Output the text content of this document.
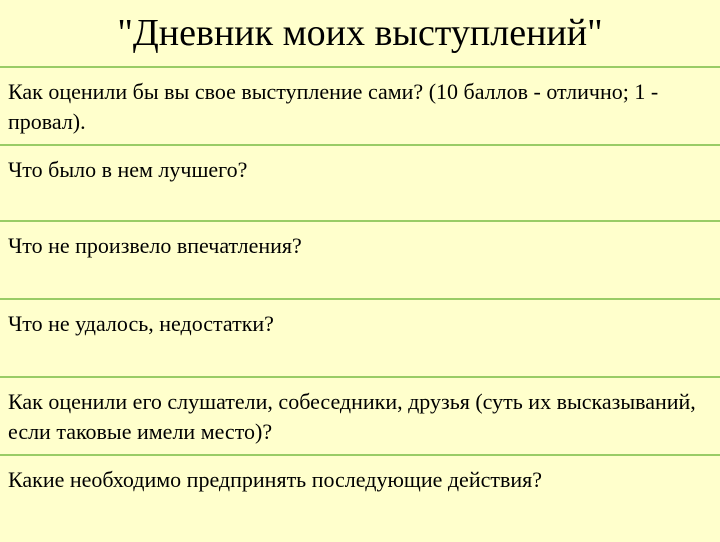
"Дневник моих выступлений"
Как оценили бы вы свое выступление сами? (10 баллов - отлично; 1 - провал).
Что было в нем лучшего?
Что не произвело впечатления?
Что не удалось, недостатки?
Как оценили его слушатели, собеседники, друзья (суть их высказываний, если таковые имели место)?
Какие необходимо предпринять последующие действия?
